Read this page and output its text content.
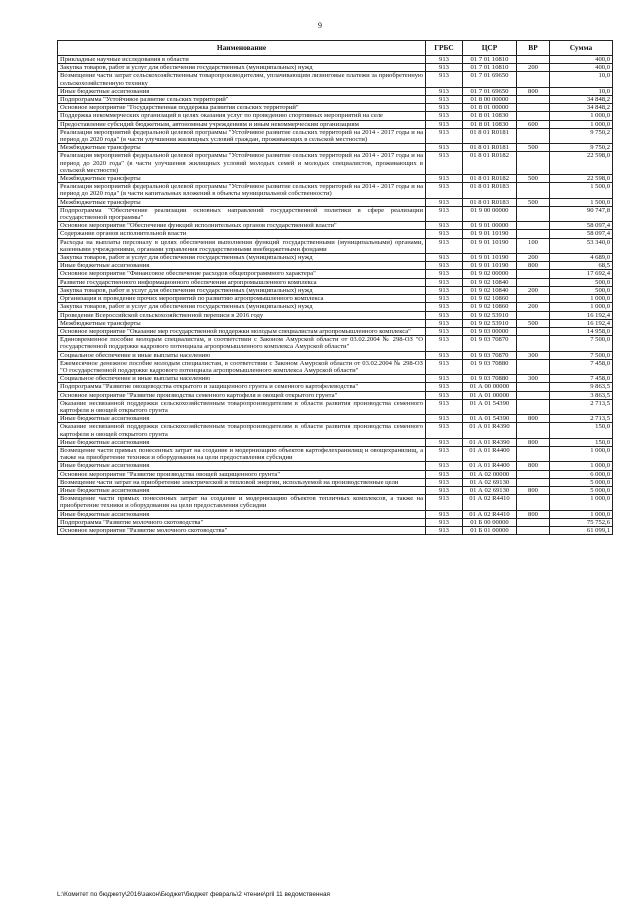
9
Наименование	ГРБС	ЦСР	ВР	Сумма
Прикладные научные исследования в области	913	01 7 01 10810		400,0
Закупка товаров, работ и услуг для обеспечения государственных (муниципальных) нужд	913	01 7 01 10810	200	400,0
Возмещение части затрат сельскохозяйственным товаропроизводителям, уплачивающим лизинговые платежи за приобретенную сельскохозяйственную технику	913	01 7 01 69650		10,0
Иные бюджетные ассигнования	913	01 7 01 69650	800	10,0
Подпрограмма "Устойчивое развитие сельских территорий"	913	01 8 00 00000		34 848,2
Основное мероприятие "Государственная поддержка развития сельских территорий"	913	01 8 01 00000		34 848,2
Поддержка некоммерческих организаций в целях оказания услуг по проведению спортивных мероприятий на селе	913	01 8 01 10830		1 000,0
Предоставление субсидий бюджетным, автономным учреждениям и иным некоммерческим организациям	913	01 8 01 10830	600	1 000,0
Реализация мероприятий федеральной целевой программы "Устойчивое развитие сельских территорий на 2014 - 2017 годы и на период до 2020 года" (в части улучшения жилищных условий граждан, проживающих в сельской местности)	913	01 8 01 R0181		9 750,2
Межбюджетные трансферты	913	01 8 01 R0181	500	9 750,2
Реализация мероприятий федеральной целевой программы "Устойчивое развитие сельских территорий на 2014 - 2017 годы и на период до 2020 года" (в части улучшения жилищных условий молодых семей и молодых специалистов, проживающих в сельской местности)	913	01 8 01 R0182		22 598,0
Межбюджетные трансферты	913	01 8 01 R0182	500	22 598,0
Реализация мероприятий федеральной целевой программы "Устойчивое развитие сельских территорий на 2014 - 2017 годы и на период до 2020 года" (в части капитальных вложений в объекты муниципальной собственности)	913	01 8 01 R0183		1 500,0
Межбюджетные трансферты	913	01 8 01 R0183	500	1 500,0
Подпрограмма "Обеспечение реализации основных направлений государственной политики в сфере реализации государственной программы"	913	01 9 00 00000		90 747,8
Основное мероприятие "Обеспечение функций исполнительных органов государственной власти"	913	01 9 01 00000		58 097,4
Содержание органов исполнительной власти	913	01 9 01 10190		58 097,4
Расходы на выплаты персоналу в целях обеспечения выполнения функций государственными (муниципальными) органами, казенными учреждениями, органами управления государственными внебюджетными фондами	913	01 9 01 10190	100	53 340,0
Закупка товаров, работ и услуг для обеспечения государственных (муниципальных) нужд	913	01 9 01 10190	200	4 689,0
Иные бюджетные ассигнования	913	01 9 01 10190	800	68,5
Основное мероприятие "Финансовое обеспечение расходов общепрограммного характера"	913	01 9 02 00000		17 692,4
Развитие государственного информационного обеспечения агропромышленного комплекса	913	01 9 02 10840		500,0
Закупка товаров, работ и услуг для обеспечения государственных (муниципальных) нужд	913	01 9 02 10840	200	500,0
Организация и проведение прочих мероприятий по развитию агропромышленного комплекса	913	01 9 02 10860		1 000,0
Закупка товаров, работ и услуг для обеспечения государственных (муниципальных) нужд	913	01 9 02 10860	200	1 000,0
Проведение Всероссийской сельскохозяйственной переписи в 2016 году	913	01 9 02 53910		16 192,4
Межбюджетные трансферты	913	01 9 02 53910	500	16 192,4
Основное мероприятие "Оказание мер государственной поддержки молодым специалистам агропромышленного комплекса"	913	01 9 03 00000		14 958,0
Единовременное пособие молодым специалистам, в соответствии с Законом Амурской области от 03.02.2004 № 298-ОЗ "О государственной поддержке кадрового потенциала агропромышленного комплекса Амурской области"	913	01 9 03 70870		7 500,0
Социальное обеспечение и иные выплаты населению	913	01 9 03 70870	300	7 500,0
Ежемесячное денежное пособие молодым специалистам, в соответствии с Законом Амурской области от 03.02.2004 № 298-ОЗ "О государственной поддержке кадрового потенциала агропромышленного комплекса Амурской области"	913	01 9 03 70880		7 458,0
Социальное обеспечение и иные выплаты населению	913	01 9 03 70880	300	7 458,0
Подпрограмма "Развитие овощеводства открытого и защищенного грунта и семенного картофелеводства"	913	01 А 00 00000		9 863,5
Основное мероприятие "Развитие производства семенного картофеля и овощей открытого грунта"	913	01 А 01 00000		3 863,5
Оказание несвязанной поддержки сельскохозяйственным товаропроизводителям в области развития производства семенного картофеля и овощей открытого грунта	913	01 А 01 54390		2 713,5
Иные бюджетные ассигнования	913	01 А 01 54390	800	2 713,5
Оказание несвязанной поддержки сельскохозяйственным товаропроизводителям в области развития производства семенного картофеля и овощей открытого грунта	913	01 А 01 R4390		150,0
Иные бюджетные ассигнования	913	01 А 01 R4390	800	150,0
Возмещение части прямых понесенных затрат на создание и модернизацию объектов картофелехранилищ и овощехранилищ, а также на приобретение техники и оборудования на цели предоставления субсидии	913	01 А 01 R4400		1 000,0
Иные бюджетные ассигнования	913	01 А 01 R4400	800	1 000,0
Основное мероприятие "Развитие производства овощей защищенного грунта"	913	01 А 02 00000		6 000,0
Возмещение части затрат на приобретение электрической и тепловой энергии, используемой на производственные цели	913	01 А 02 69130		5 000,0
Иные бюджетные ассигнования	913	01 А 02 69130	800	5 000,0
Возмещение части прямых понесенных затрат на создание и модернизацию объектов тепличных комплексов, а также на приобретение техники и оборудования на цели предоставления субсидии	913	01 А 02 R4410		1 000,0
Иные бюджетные ассигнования	913	01 А 02 R4410	800	1 000,0
Подпрограмма "Развитие молочного скотоводства"	913	01 Б 00 00000		75 752,6
Основное мероприятие "Развитие молочного скотоводства"	913	01 Б 01 00000		61 099,1
L:\Комитет по бюджету\2016\закон\Бюджет\бюджет февраль\2 чтение\pril 11 ведомственная
